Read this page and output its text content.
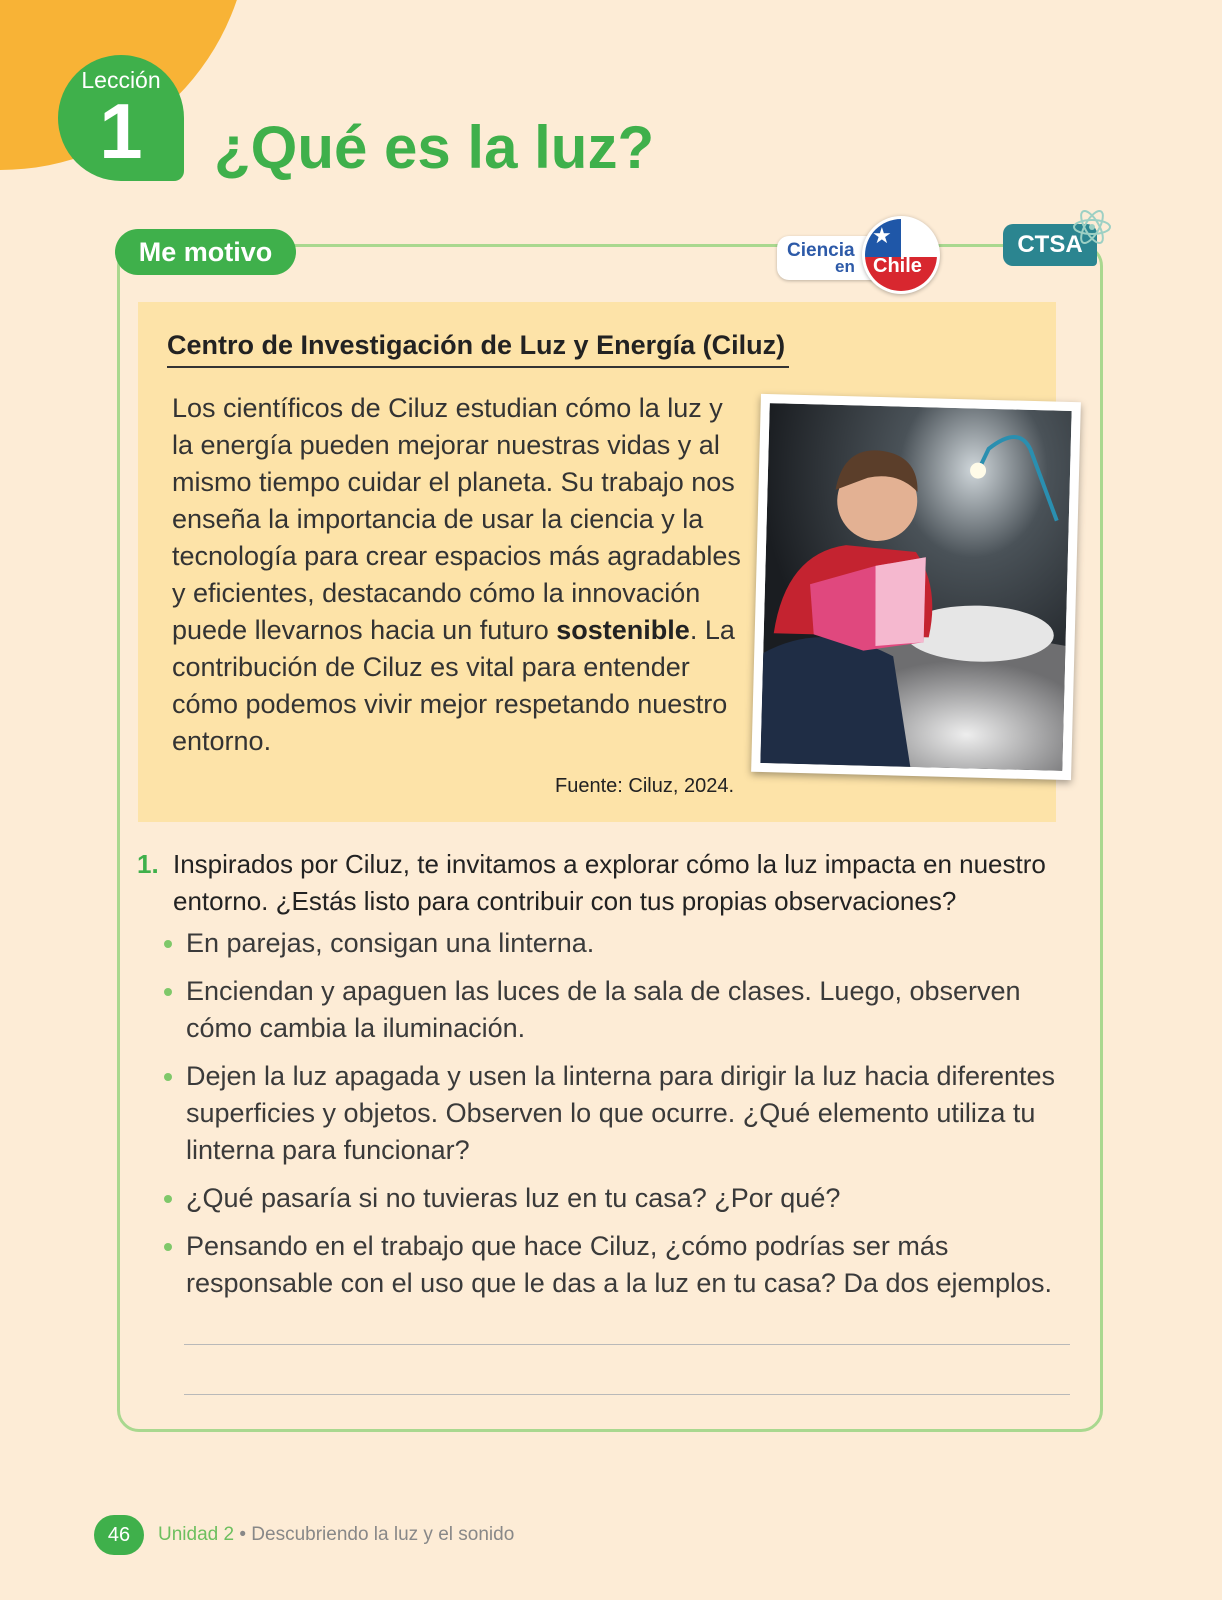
Lección
1	¿Qué es la luz?
Me motivo	Ciencia
en
★
Chile
CTSA
Centro de Investigación de Luz y Energía (Ciluz)

Los científicos de Ciluz estudian cómo la luz y la energía pueden mejorar nuestras vidas y al mismo tiempo cuidar el planeta. Su trabajo nos enseña la importancia de usar la ciencia y la tecnología para crear espacios más agradables y eficientes, destacando cómo la innovación puede llevarnos hacia un futuro sostenible. La contribución de Ciluz es vital para entender cómo podemos vivir mejor respetando nuestro entorno.

Fuente: Ciluz, 2024.
1. Inspirados por Ciluz, te invitamos a explorar cómo la luz impacta en nuestro entorno. ¿Estás listo para contribuir con tus propias observaciones?
En parejas, consigan una linterna.
Enciendan y apaguen las luces de la sala de clases. Luego, observen cómo cambia la iluminación.
Dejen la luz apagada y usen la linterna para dirigir la luz hacia diferentes superficies y objetos. Observen lo que ocurre. ¿Qué elemento utiliza tu linterna para funcionar?
¿Qué pasaría si no tuvieras luz en tu casa? ¿Por qué?
Pensando en el trabajo que hace Ciluz, ¿cómo podrías ser más responsable con el uso que le das a la luz en tu casa? Da dos ejemplos.
46	Unidad 2 • Descubriendo la luz y el sonido
